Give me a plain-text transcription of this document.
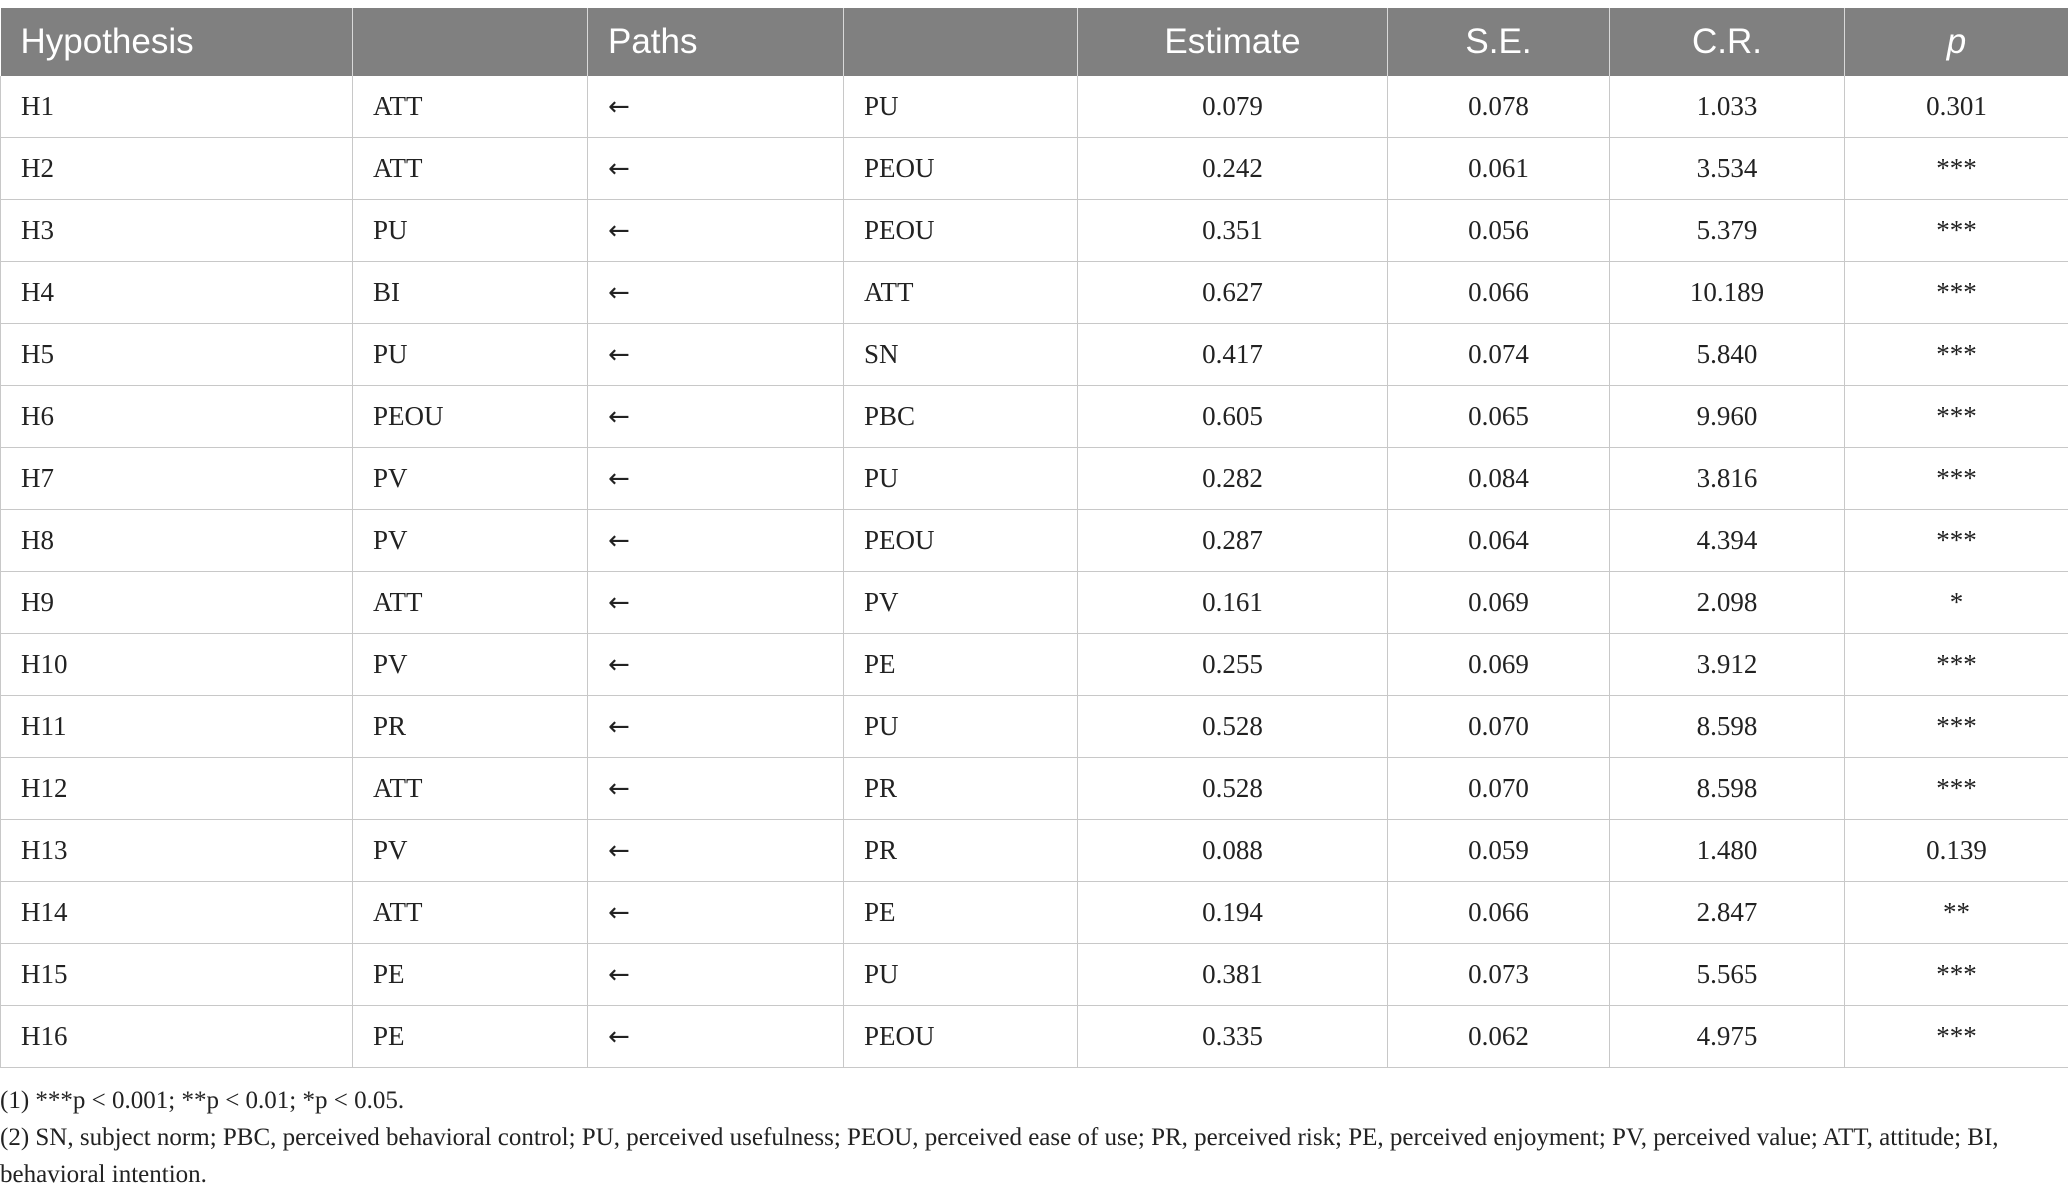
Hypothesis		Paths		Estimate	S.E.	C.R.	p
H1	ATT	←	PU	0.079	0.078	1.033	0.301
H2	ATT	←	PEOU	0.242	0.061	3.534	***
H3	PU	←	PEOU	0.351	0.056	5.379	***
H4	BI	←	ATT	0.627	0.066	10.189	***
H5	PU	←	SN	0.417	0.074	5.840	***
H6	PEOU	←	PBC	0.605	0.065	9.960	***
H7	PV	←	PU	0.282	0.084	3.816	***
H8	PV	←	PEOU	0.287	0.064	4.394	***
H9	ATT	←	PV	0.161	0.069	2.098	*
H10	PV	←	PE	0.255	0.069	3.912	***
H11	PR	←	PU	0.528	0.070	8.598	***
H12	ATT	←	PR	0.528	0.070	8.598	***
H13	PV	←	PR	0.088	0.059	1.480	0.139
H14	ATT	←	PE	0.194	0.066	2.847	**
H15	PE	←	PU	0.381	0.073	5.565	***
H16	PE	←	PEOU	0.335	0.062	4.975	***
(1) ***p < 0.001; **p < 0.01; *p < 0.05.
(2) SN, subject norm; PBC, perceived behavioral control; PU, perceived usefulness; PEOU, perceived ease of use; PR, perceived risk; PE, perceived enjoyment; PV, perceived value; ATT, attitude; BI, behavioral intention.
